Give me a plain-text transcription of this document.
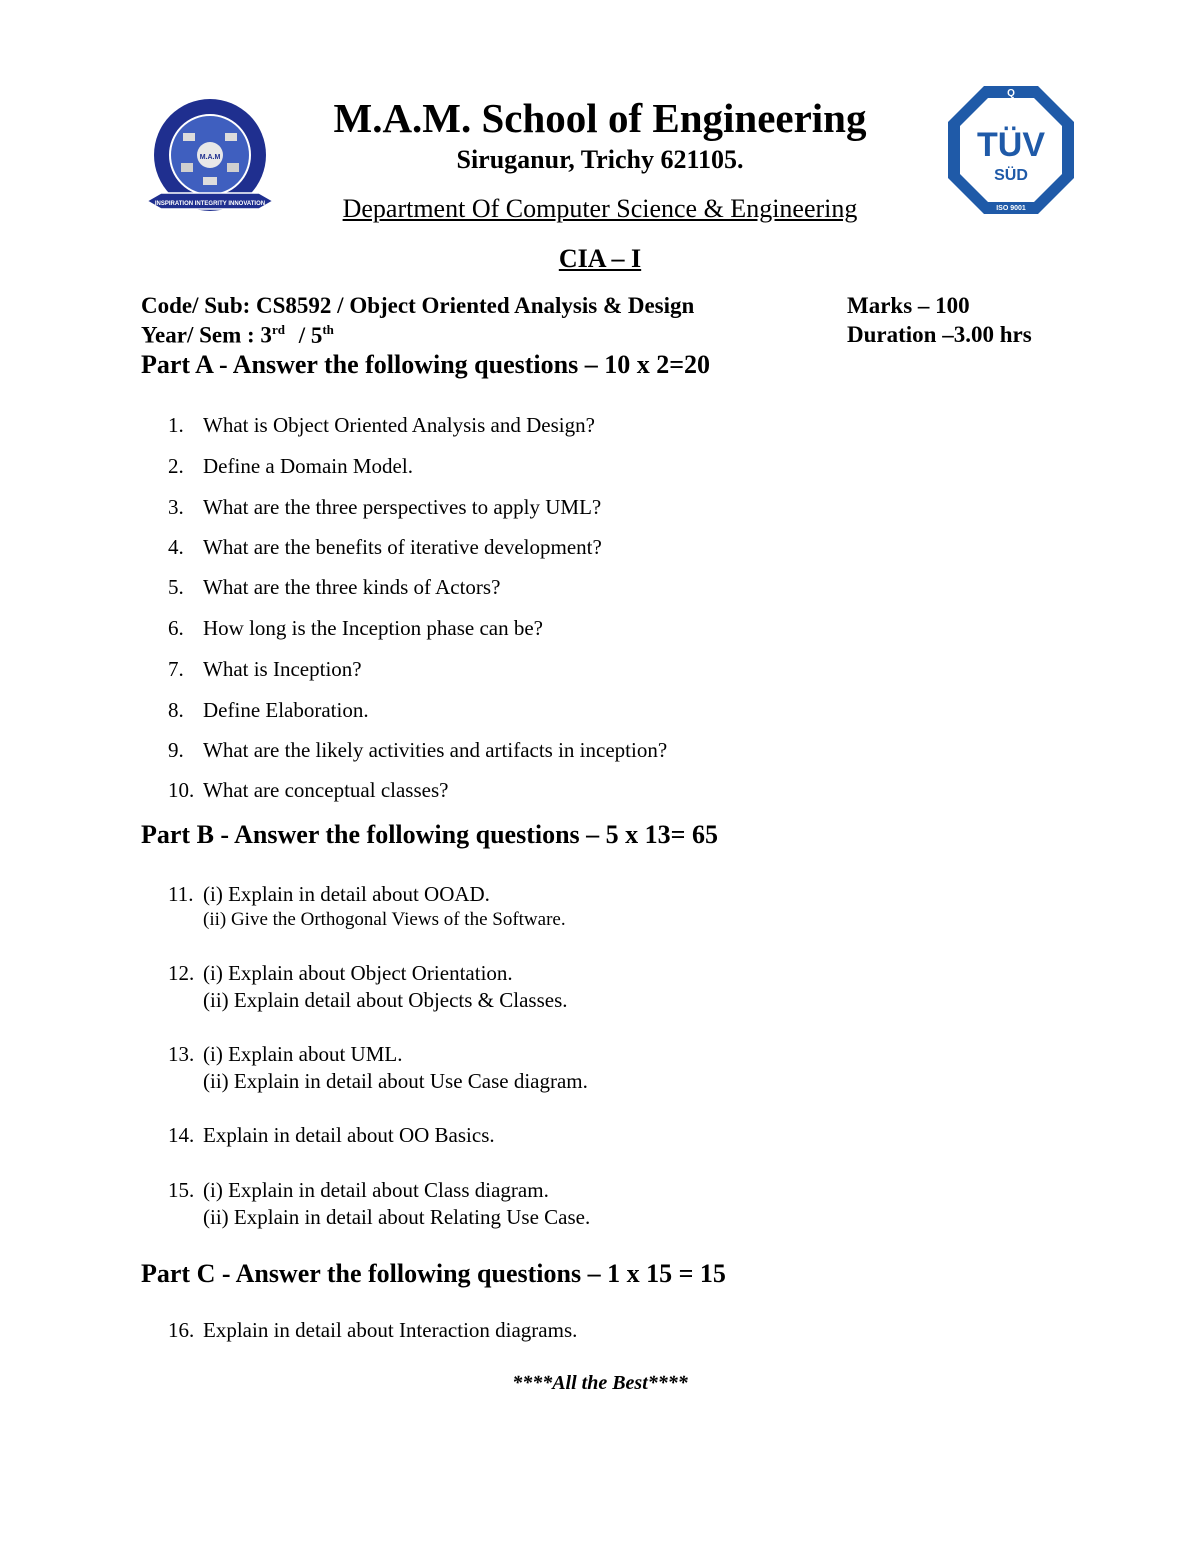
M.A.M
INSPIRATION INTEGRITY INNOVATION
Q
TÜV
SÜD
ISO 9001
M.A.M. School of Engineering
Siruganur, Trichy 621105.
Department Of Computer Science & Engineering
CIA – I
Code/ Sub: CS8592 / Object Oriented Analysis & Design
Year/ Sem : 3rd / 5th
Marks – 100
Duration –3.00 hrs
Part A - Answer the following questions – 10 x 2=20
1. What is Object Oriented Analysis and Design?
2. Define a Domain Model.
3. What are the three perspectives to apply UML?
4. What are the benefits of iterative development?
5. What are the three kinds of Actors?
6. How long is the Inception phase can be?
7. What is Inception?
8. Define Elaboration.
9. What are the likely activities and artifacts in inception?
10. What are conceptual classes?
Part B - Answer the following questions – 5 x 13= 65
11. (i) Explain in detail about OOAD.
(ii) Give the Orthogonal Views of the Software.
12. (i) Explain about Object Orientation.
(ii) Explain detail about Objects & Classes.
13. (i) Explain about UML.
(ii) Explain in detail about Use Case diagram.
14. Explain in detail about OO Basics.
15. (i) Explain in detail about Class diagram.
(ii) Explain in detail about Relating Use Case.
Part C - Answer the following questions – 1 x 15 = 15
16. Explain in detail about Interaction diagrams.
****All the Best****
